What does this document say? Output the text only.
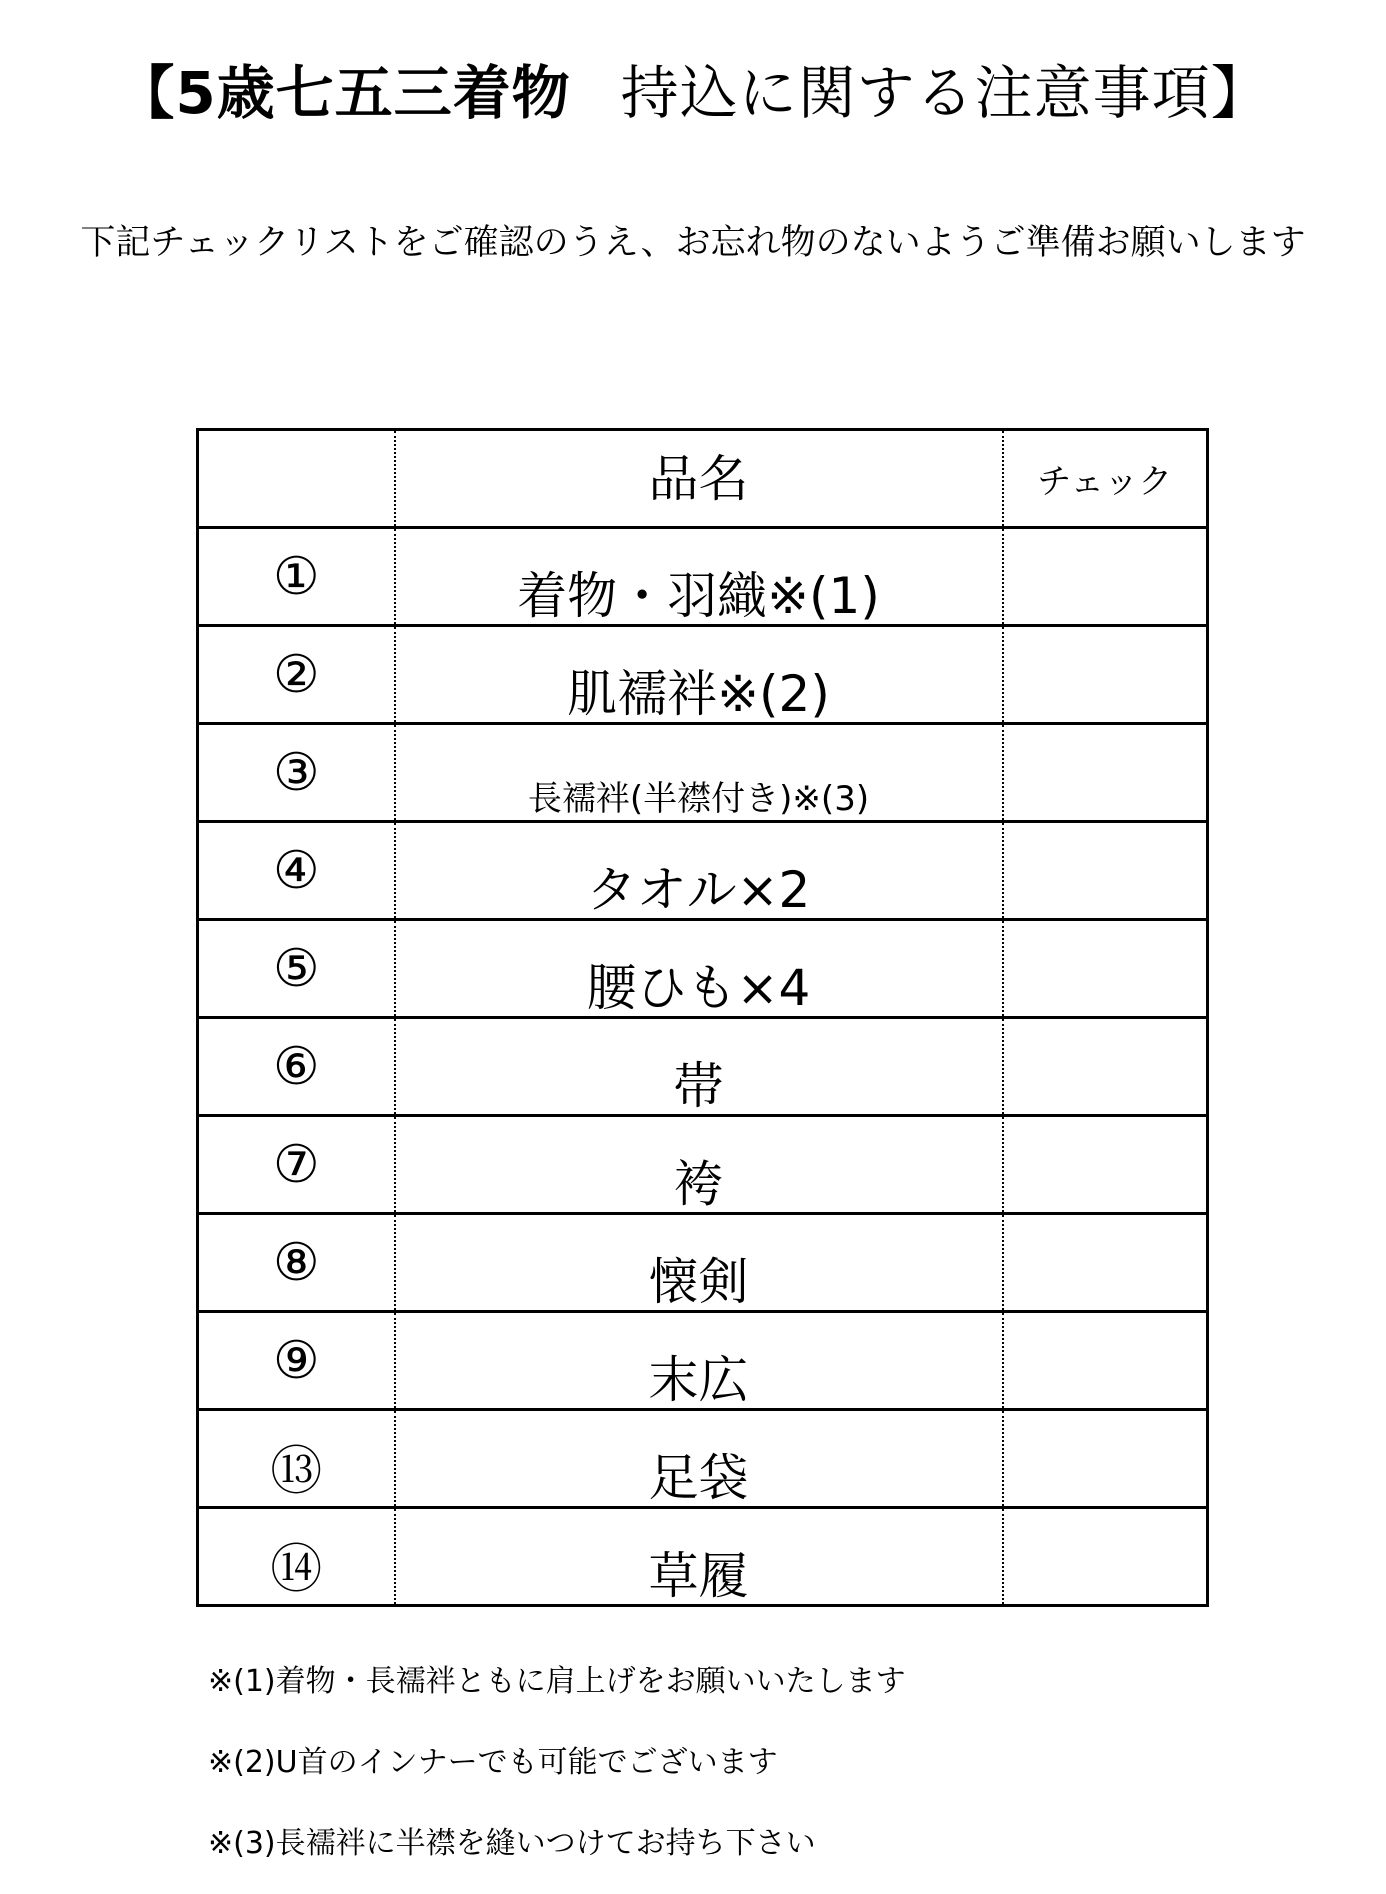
【5歳七五三着物 持込に関する注意事項】
下記チェックリストをご確認のうえ、お忘れ物のないようご準備お願いします
	品名	チェック
①	着物・羽織※(1)	
②	肌襦袢※(2)	
③	長襦袢(半襟付き)※(3)	
④	タオル×2	
⑤	腰ひも×4	
⑥	帯	
⑦	袴	
⑧	懐剣	
⑨	末広	
⑬	足袋	
⑭	草履	
※(1)着物・長襦袢ともに肩上げをお願いいたします
※(2)U首のインナーでも可能でございます
※(3)長襦袢に半襟を縫いつけてお持ち下さい
